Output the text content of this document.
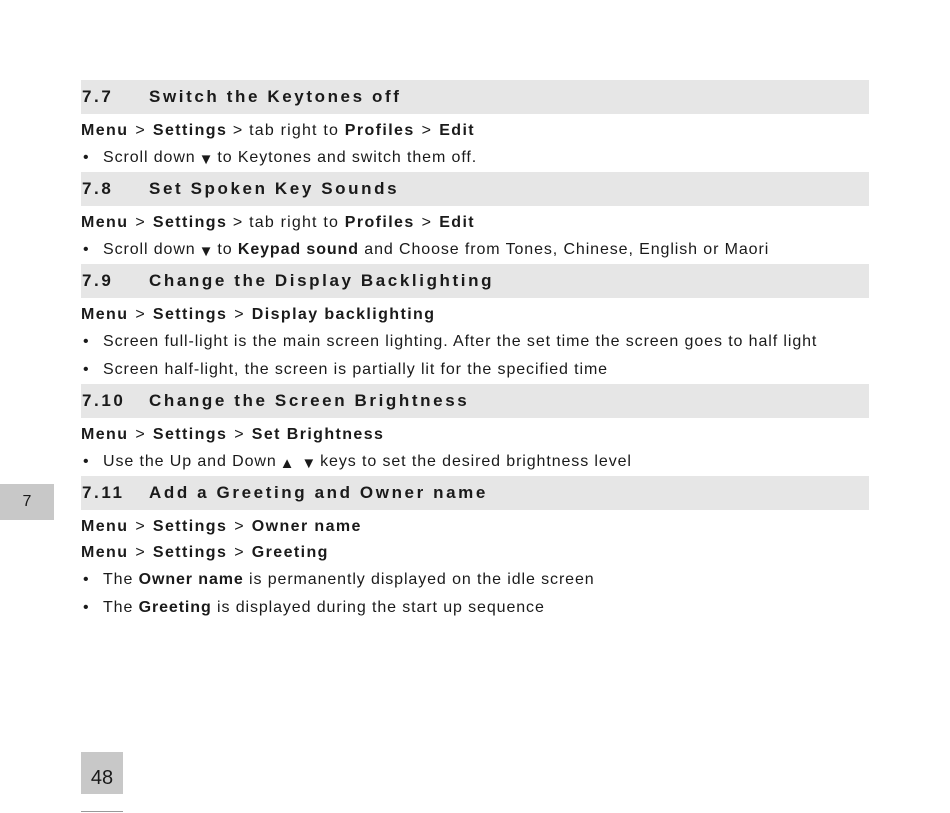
7.7	Switch the Keytones off
Menu > Settings > tab right to Profiles > Edit
• Scroll down ▼ to Keytones and switch them off.
7.8	Set Spoken Key Sounds
Menu > Settings > tab right to Profiles > Edit
• Scroll down ▼ to Keypad sound and Choose from Tones, Chinese, English or Maori
7.9	Change the Display Backlighting
Menu > Settings > Display backlighting
• Screen full-light is the main screen lighting. After the set time the screen goes to half light
• Screen half-light, the screen is partially lit for the specified time
7.10	Change the Screen Brightness
Menu > Settings > Set Brightness
• Use the Up and Down ▲ ▼ keys to set the desired brightness level
7.11	Add a Greeting and Owner name
Menu > Settings > Owner name
Menu > Settings > Greeting
• The Owner name is permanently displayed on the idle screen
• The Greeting is displayed during the start up sequence
7
48
